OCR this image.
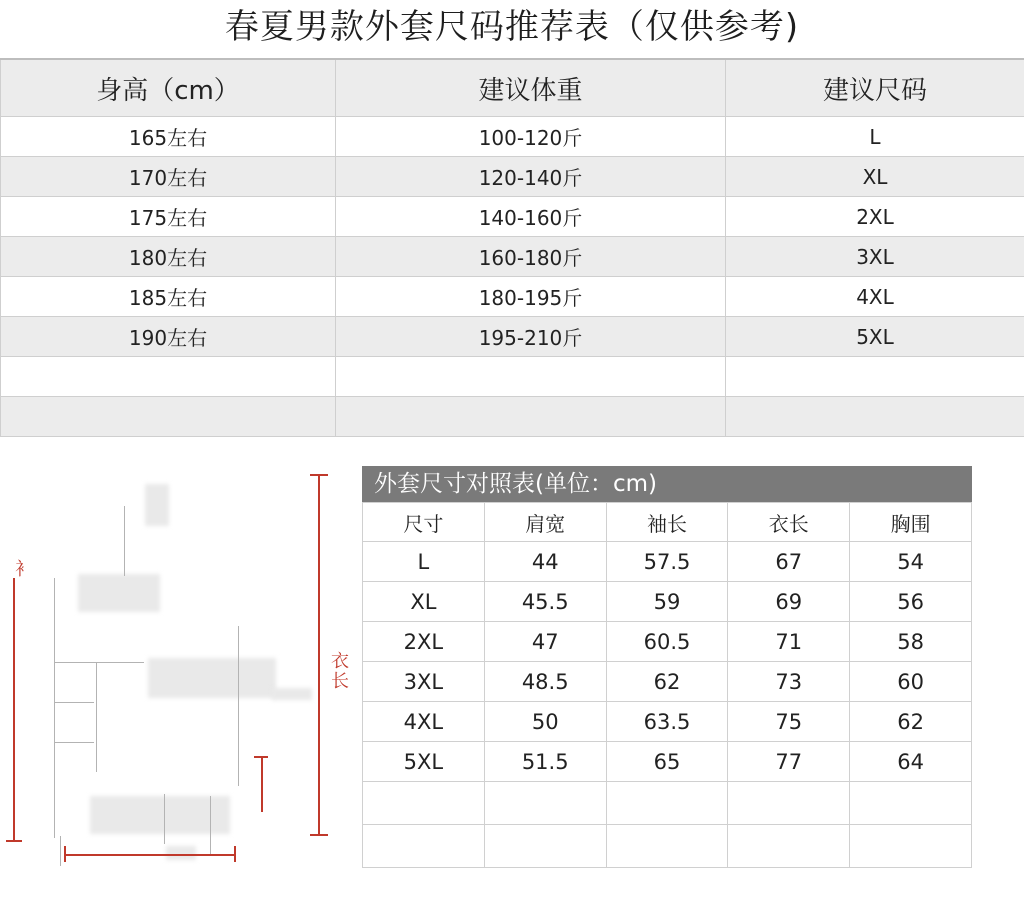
春夏男款外套尺码推荐表（仅供参考)
身高（cm）	建议体重	建议尺码
165左右	100-120斤	L
170左右	120-140斤	XL
175左右	140-160斤	2XL
180左右	160-180斤	3XL
185左右	180-195斤	4XL
190左右	195-210斤	5XL

衣长
衤
外套尺寸对照表(单位：cm)
尺寸	肩宽	袖长	衣长	胸围
L	44	57.5	67	54
XL	45.5	59	69	56
2XL	47	60.5	71	58
3XL	48.5	62	73	60
4XL	50	63.5	75	62
5XL	51.5	65	77	64
